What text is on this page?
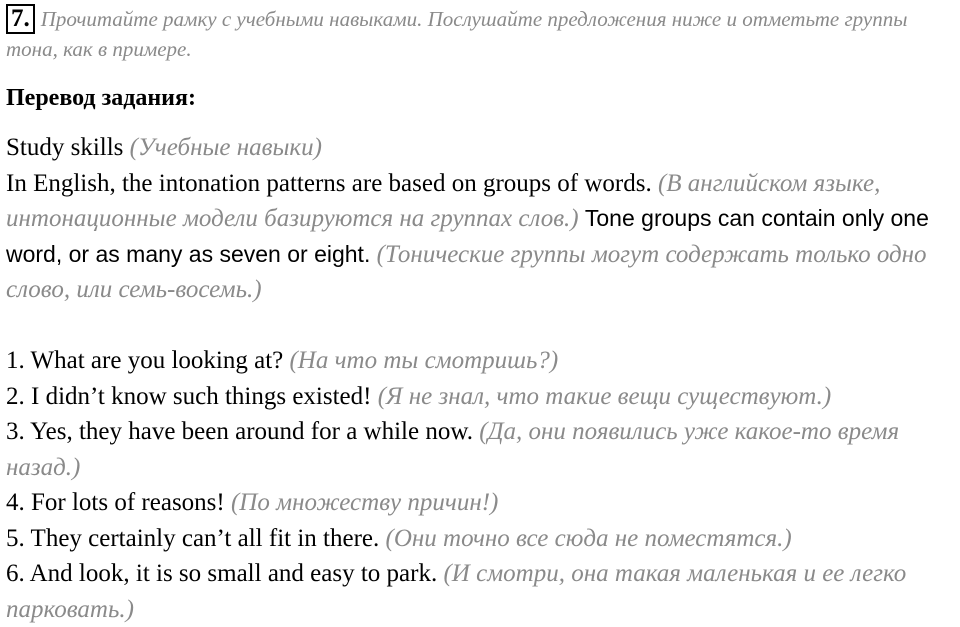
7. Прочитайте рамку с учебными навыками. Послушайте предложения ниже и отметьте группы тона, как в примере.
Перевод задания:
Study skills (Учебные навыки)
In English, the intonation patterns are based on groups of words. (В английском языке, интонационные модели базируются на группах слов.) Tone groups can contain only one word, or as many as seven or eight. (Тонические группы могут содержать только одно слово, или семь-восемь.)
1. What are you looking at? (На что ты смотришь?)
2. I didn’t know such things existed! (Я не знал, что такие вещи существуют.)
3. Yes, they have been around for a while now. (Да, они появились уже какое-то время назад.)
4. For lots of reasons! (По множеству причин!)
5. They certainly can’t all fit in there. (Они точно все сюда не поместятся.)
6. And look, it is so small and easy to park. (И смотри, она такая маленькая и ее легко парковать.)
